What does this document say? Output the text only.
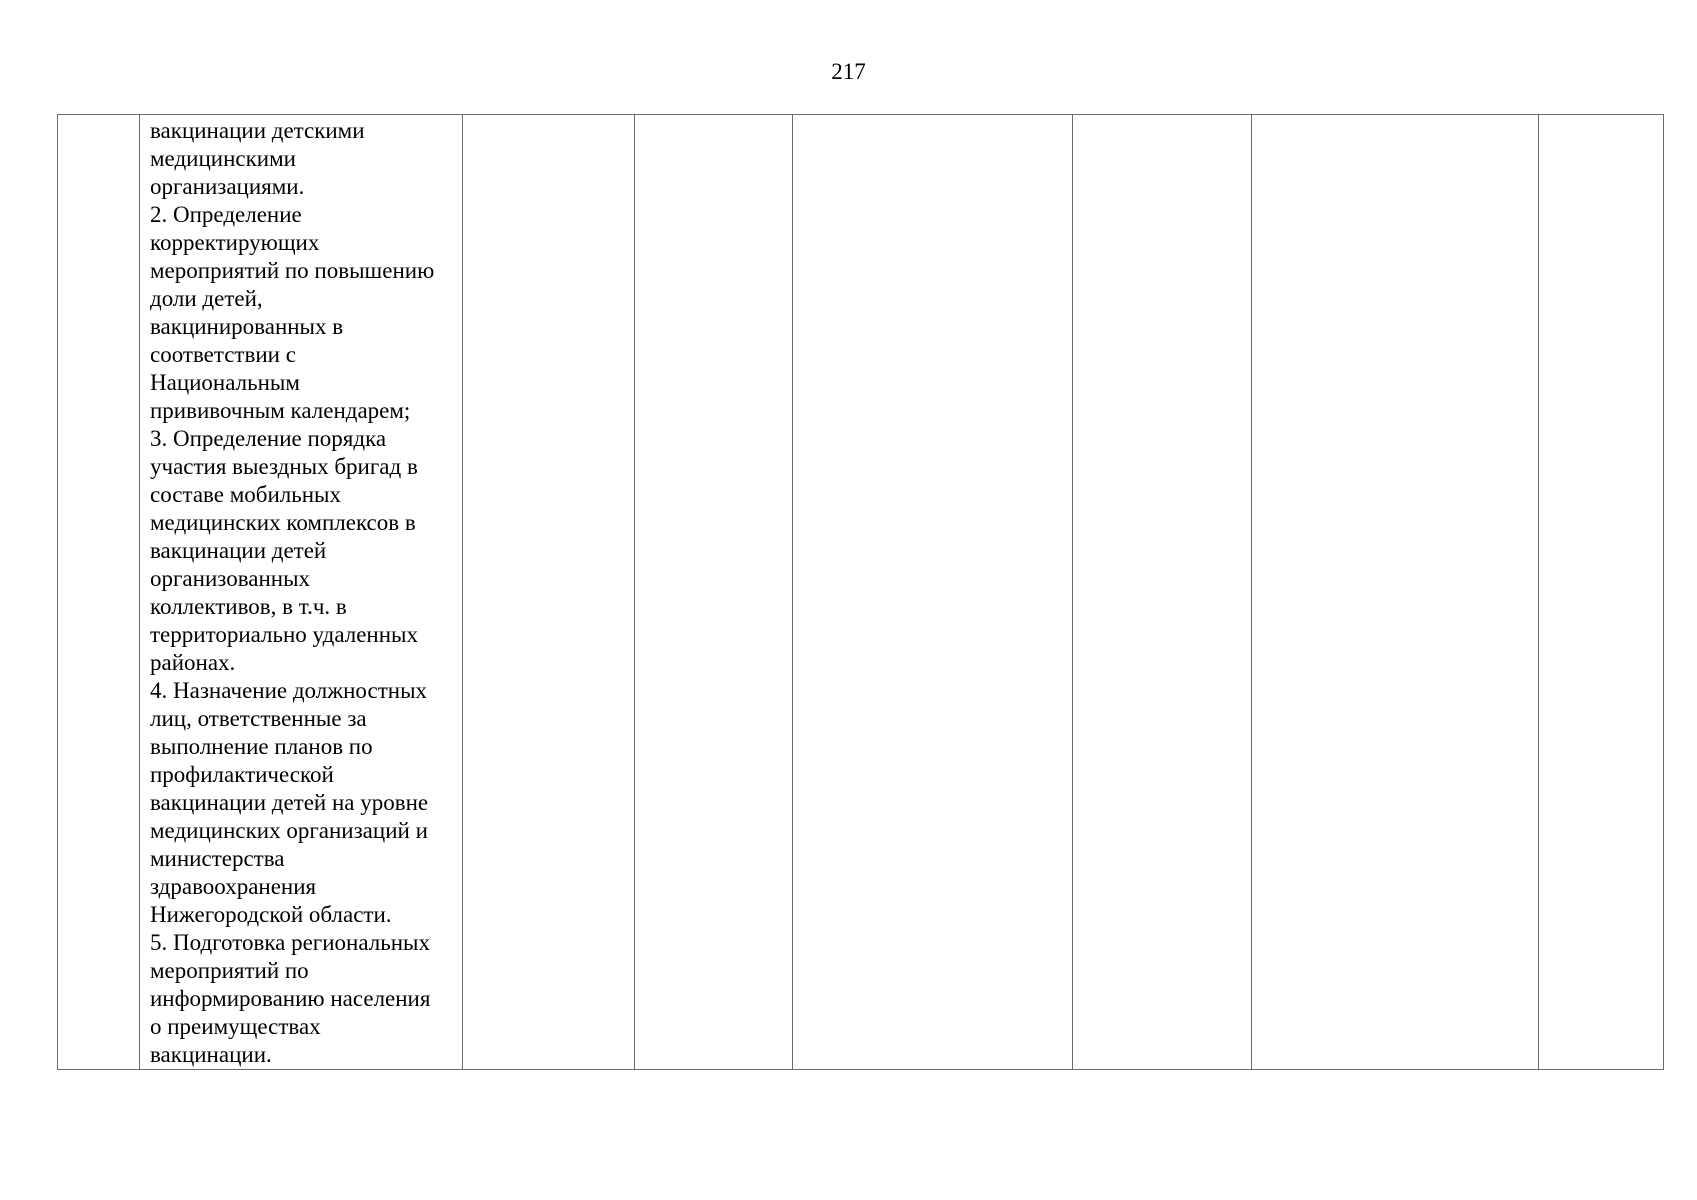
217

вакцинации детскими
медицинскими
организациями.
2. Определение
корректирующих
мероприятий по повышению
доли детей,
вакцинированных в
соответствии с
Национальным
прививочным календарем;
3. Определение порядка
участия выездных бригад в
составе мобильных
медицинских комплексов в
вакцинации детей
организованных
коллективов, в т.ч. в
территориально удаленных
районах.
4. Назначение должностных
лиц, ответственные за
выполнение планов по
профилактической
вакцинации детей на уровне
медицинских организаций и
министерства
здравоохранения
Нижегородской области.
5. Подготовка региональных
мероприятий по
информированию населения
о преимуществах
вакцинации.
